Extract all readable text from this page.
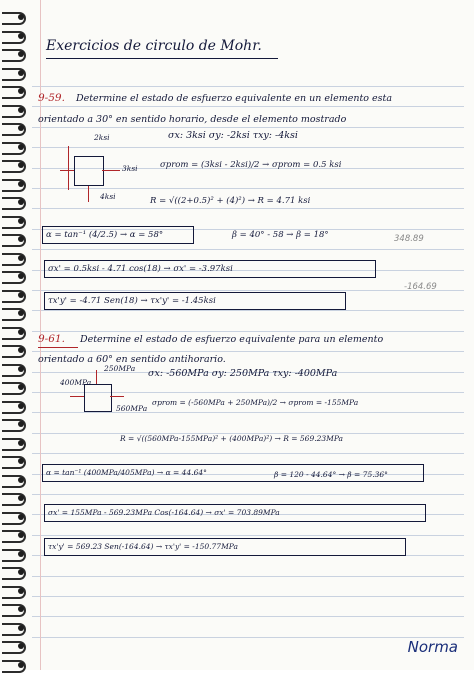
Exercicios de circulo de Mohr.
9-59. Determine el estado de esfuerzo equivalente en un elemento esta
orientado a 30° en sentido horario, desde el elemento mostrado
2ksi
3ksi
4ksi
σx: 3ksi σy: -2ksi τxy: -4ksi
σprom = (3ksi - 2ksi)/2 → σprom = 0.5 ksi
R = √((2+0.5)² + (4)²) → R = 4.71 ksi
α = tan⁻¹ (4/2.5) → α = 58°	β = 40° - 58 → β = 18°	348.89
σx' = 0.5ksi - 4.71 cos(18) → σx' = -3.97ksi
-164.69
τx'y' = -4.71 Sen(18) → τx'y' = -1.45ksi
9-61. Determine el estado de esfuerzo equivalente para un elemento
orientado a 60° en sentido antihorario.
250MPa
560MPa
400MPa
σx: -560MPa σy: 250MPa τxy: -400MPa
σprom = (-560MPa + 250MPa)/2 → σprom = -155MPa
R = √((560MPa-155MPa)² + (400MPa)²) → R = 569.23MPa
α = tan⁻¹ (400MPa/405MPa) → α = 44.64°	β = 120 - 44.64° → β = 75.36°
σx' = 155MPa - 569.23MPa Cos(-164.64) → σx' = 703.89MPa
τx'y' = 569.23 Sen(-164.64) → τx'y' = -150.77MPa
Norma
